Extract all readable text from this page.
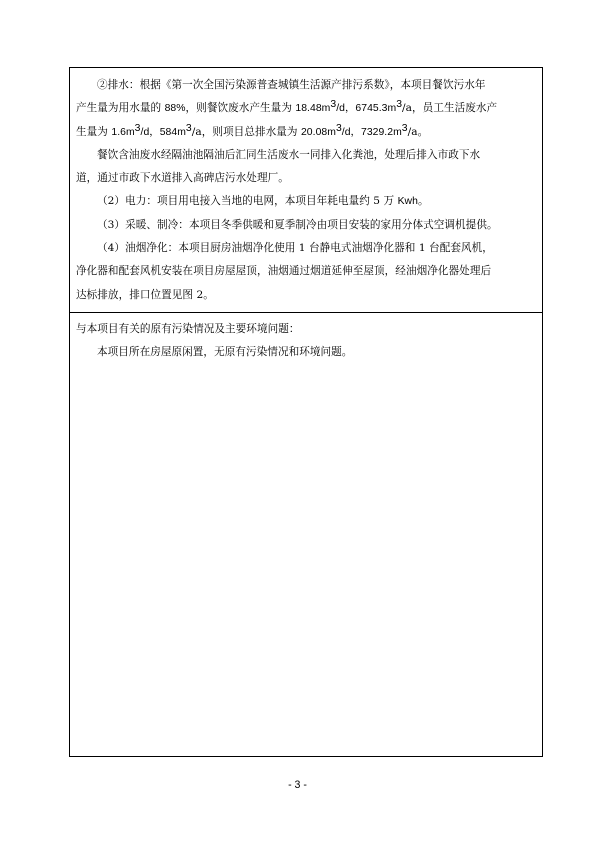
②排水：根据《第一次全国污染源普查城镇生活源产排污系数》，本项目餐饮污水年

产生量为用水量的 88%，则餐饮废水产生量为 $18.48m^3/d$，$6745.3m^3/a$，员工生活废水产

生量为 $1.6m^3/d$，$584m^3/a$，则项目总排水量为 $20.08m^3/d$，$7329.2m^3/a$。

餐饮含油废水经隔油池隔油后汇同生活废水一同排入化粪池，处理后排入市政下水

道，通过市政下水道排入高碑店污水处理厂。

（2）电力：项目用电接入当地的电网，本项目年耗电量约 5 万 Kwh。

（3）采暖、制冷：本项目冬季供暖和夏季制冷由项目安装的家用分体式空调机提供。

（4）油烟净化：本项目厨房油烟净化使用 1 台静电式油烟净化器和 1 台配套风机，

净化器和配套风机安装在项目房屋屋顶，油烟通过烟道延伸至屋顶，经油烟净化器处理后

达标排放，排口位置见图 2。

与本项目有关的原有污染情况及主要环境问题：

本项目所在房屋原闲置，无原有污染情况和环境问题。

- 3 -
